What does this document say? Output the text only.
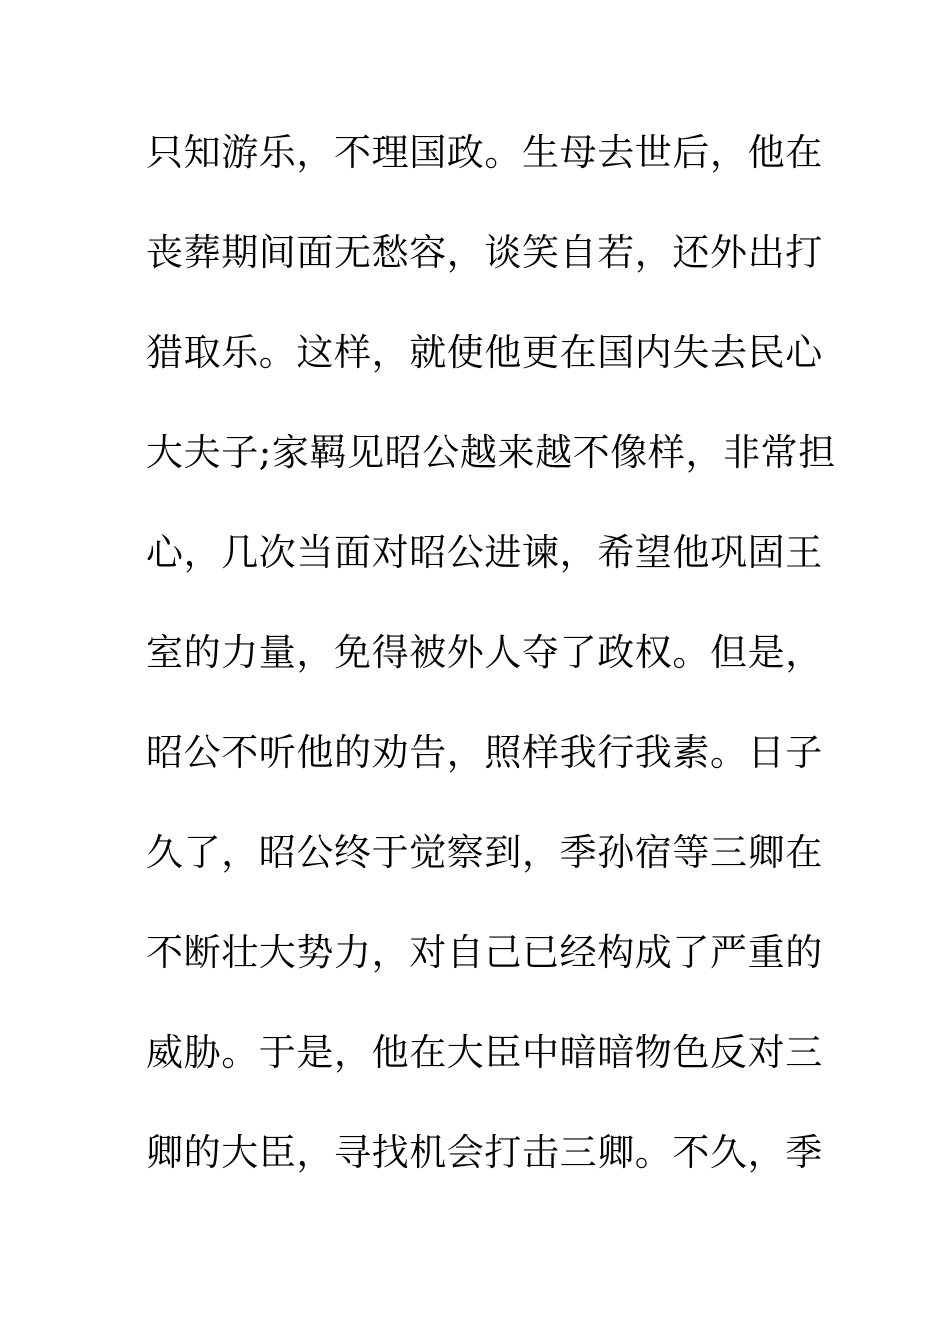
只知游乐，不理国政。生母去世后，他在
丧葬期间面无愁容，谈笑自若，还外出打
猎取乐。这样，就使他更在国内失去民心
大夫子;家羁见昭公越来越不像样，非常担
心，几次当面对昭公进谏，希望他巩固王
室的力量，免得被外人夺了政权。但是，
昭公不听他的劝告，照样我行我素。日子
久了，昭公终于觉察到，季孙宿等三卿在
不断壮大势力，对自己已经构成了严重的
威胁。于是，他在大臣中暗暗物色反对三
卿的大臣，寻找机会打击三卿。不久，季
